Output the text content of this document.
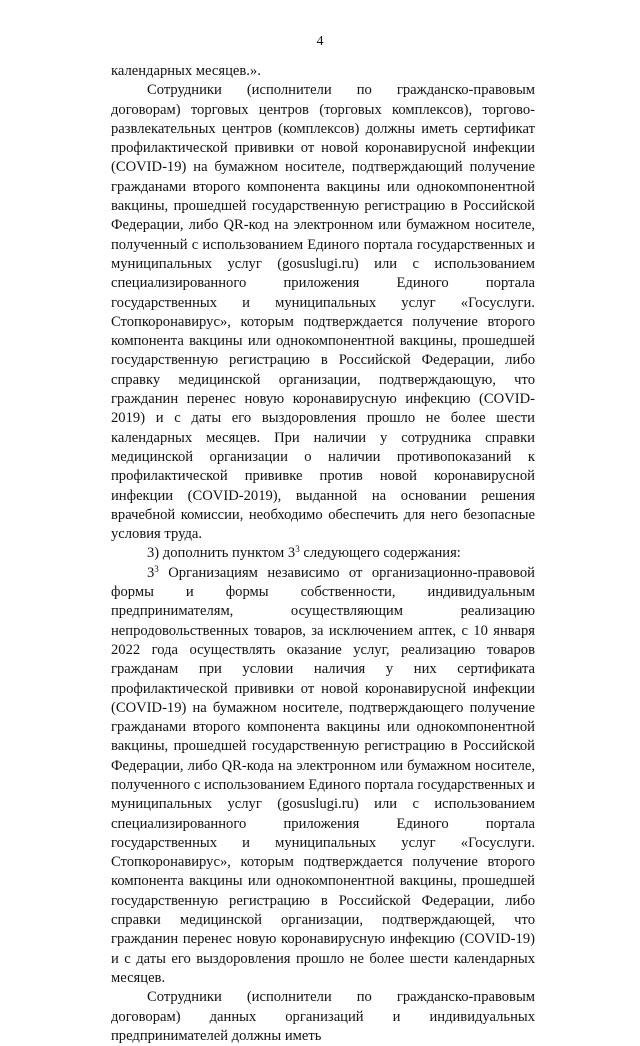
4

календарных месяцев.».

Сотрудники (исполнители по гражданско-правовым договорам) торговых центров (торговых комплексов), торгово-развлекательных центров (комплексов) должны иметь сертификат профилактической прививки от новой коронавирусной инфекции (COVID-19) на бумажном носителе, подтверждающий получение гражданами второго компонента вакцины или однокомпонентной вакцины, прошедшей государственную регистрацию в Российской Федерации, либо QR-код на электронном или бумажном носителе, полученный с использованием Единого портала государственных и муниципальных услуг (gosuslugi.ru) или с использованием специализированного приложения Единого портала государственных и муниципальных услуг «Госуслуги. Стопкоронавирус», которым подтверждается получение второго компонента вакцины или однокомпонентной вакцины, прошедшей государственную регистрацию в Российской Федерации, либо справку медицинской организации, подтверждающую, что гражданин перенес новую коронавирусную инфекцию (COVID-2019) и с даты его выздоровления прошло не более шести календарных месяцев. При наличии у сотрудника справки медицинской организации о наличии противопоказаний к профилактической прививке против новой коронавирусной инфекции (COVID-2019), выданной на основании решения врачебной комиссии, необходимо обеспечить для него безопасные условия труда.

3) дополнить пунктом $3^3$ следующего содержания:

$3^3$ Организациям независимо от организационно-правовой формы и формы собственности, индивидуальным предпринимателям, осуществляющим реализацию непродовольственных товаров, за исключением аптек, с 10 января 2022 года осуществлять оказание услуг, реализацию товаров гражданам при условии наличия у них сертификата профилактической прививки от новой коронавирусной инфекции (COVID-19) на бумажном носителе, подтверждающего получение гражданами второго компонента вакцины или однокомпонентной вакцины, прошедшей государственную регистрацию в Российской Федерации, либо QR-кода на электронном или бумажном носителе, полученного с использованием Единого портала государственных и муниципальных услуг (gosuslugi.ru) или с использованием специализированного приложения Единого портала государственных и муниципальных услуг «Госуслуги. Стопкоронавирус», которым подтверждается получение второго компонента вакцины или однокомпонентной вакцины, прошедшей государственную регистрацию в Российской Федерации, либо справки медицинской организации, подтверждающей, что гражданин перенес новую коронавирусную инфекцию (COVID-19) и с даты его выздоровления прошло не более шести календарных месяцев.

Сотрудники (исполнители по гражданско-правовым договорам) данных организаций и индивидуальных предпринимателей должны иметь
